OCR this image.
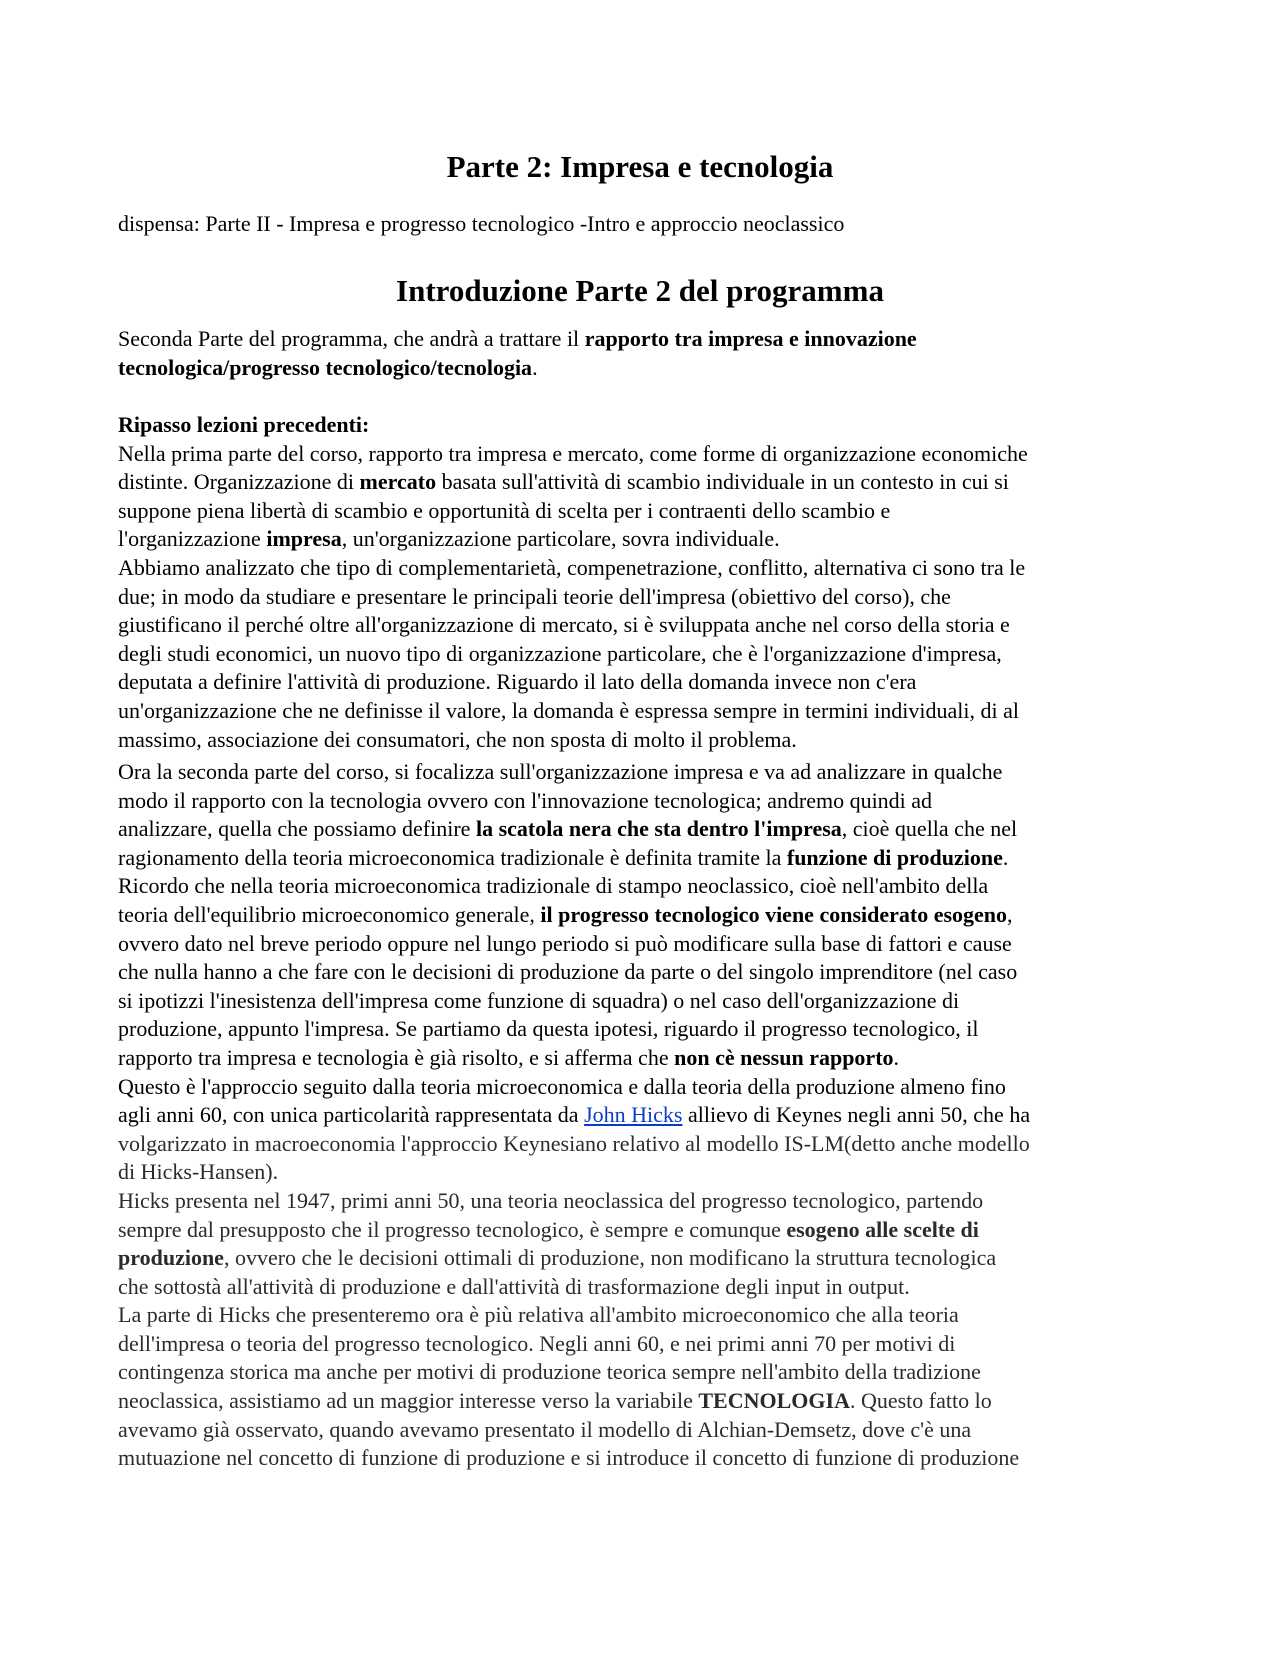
Parte 2: Impresa e tecnologia

dispensa: Parte II - Impresa e progresso tecnologico -Intro e approccio neoclassico

Introduzione Parte 2 del programma

Seconda Parte del programma, che andrà a trattare il rapporto tra impresa e innovazione
tecnologica/progresso tecnologico/tecnologia.

Ripasso lezioni precedenti:
Nella prima parte del corso, rapporto tra impresa e mercato, come forme di organizzazione economiche
distinte. Organizzazione di mercato basata sull'attività di scambio individuale in un contesto in cui si
suppone piena libertà di scambio e opportunità di scelta per i contraenti dello scambio e
l'organizzazione impresa, un'organizzazione particolare, sovra individuale.
Abbiamo analizzato che tipo di complementarietà, compenetrazione, conflitto, alternativa ci sono tra le
due; in modo da studiare e presentare le principali teorie dell'impresa (obiettivo del corso), che
giustificano il perché oltre all'organizzazione di mercato, si è sviluppata anche nel corso della storia e
degli studi economici, un nuovo tipo di organizzazione particolare, che è l'organizzazione d'impresa,
deputata a definire l'attività di produzione. Riguardo il lato della domanda invece non c'era
un'organizzazione che ne definisse il valore, la domanda è espressa sempre in termini individuali, di al
massimo, associazione dei consumatori, che non sposta di molto il problema.

Ora la seconda parte del corso, si focalizza sull'organizzazione impresa e va ad analizzare in qualche
modo il rapporto con la tecnologia ovvero con l'innovazione tecnologica; andremo quindi ad
analizzare, quella che possiamo definire la scatola nera che sta dentro l'impresa, cioè quella che nel
ragionamento della teoria microeconomica tradizionale è definita tramite la funzione di produzione.
Ricordo che nella teoria microeconomica tradizionale di stampo neoclassico, cioè nell'ambito della
teoria dell'equilibrio microeconomico generale, il progresso tecnologico viene considerato esogeno,
ovvero dato nel breve periodo oppure nel lungo periodo si può modificare sulla base di fattori e cause
che nulla hanno a che fare con le decisioni di produzione da parte o del singolo imprenditore (nel caso
si ipotizzi l'inesistenza dell'impresa come funzione di squadra) o nel caso dell'organizzazione di
produzione, appunto l'impresa. Se partiamo da questa ipotesi, riguardo il progresso tecnologico, il
rapporto tra impresa e tecnologia è già risolto, e si afferma che non cè nessun rapporto.
Questo è l'approccio seguito dalla teoria microeconomica e dalla teoria della produzione almeno fino
agli anni 60, con unica particolarità rappresentata da John Hicks allievo di Keynes negli anni 50, che ha
volgarizzato in macroeconomia l'approccio Keynesiano relativo al modello IS-LM(detto anche modello
di Hicks-Hansen).
Hicks presenta nel 1947, primi anni 50, una teoria neoclassica del progresso tecnologico, partendo
sempre dal presupposto che il progresso tecnologico, è sempre e comunque esogeno alle scelte di
produzione, ovvero che le decisioni ottimali di produzione, non modificano la struttura tecnologica
che sottostà all'attività di produzione e dall'attività di trasformazione degli input in output.
La parte di Hicks che presenteremo ora è più relativa all'ambito microeconomico che alla teoria
dell'impresa o teoria del progresso tecnologico. Negli anni 60, e nei primi anni 70 per motivi di
contingenza storica ma anche per motivi di produzione teorica sempre nell'ambito della tradizione
neoclassica, assistiamo ad un maggior interesse verso la variabile TECNOLOGIA. Questo fatto lo
avevamo già osservato, quando avevamo presentato il modello di Alchian-Demsetz, dove c'è una
mutuazione nel concetto di funzione di produzione e si introduce il concetto di funzione di produzione
